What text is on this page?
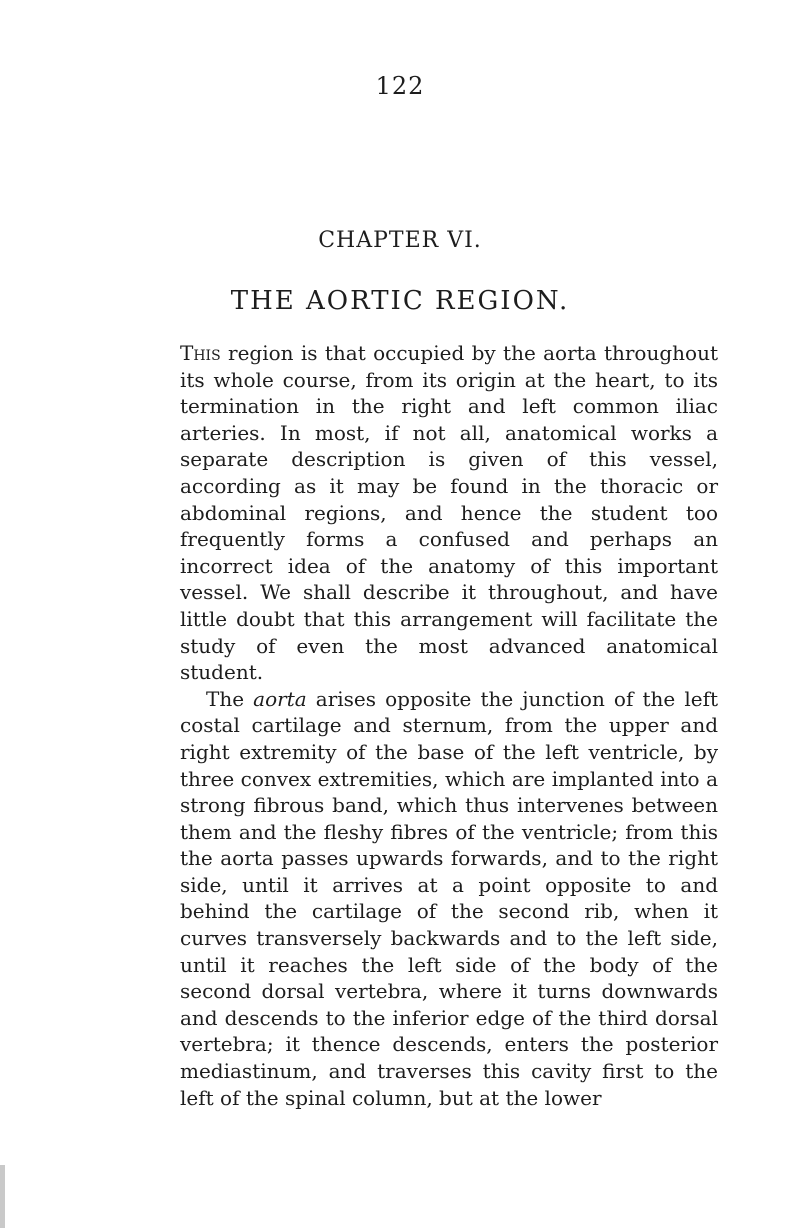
122
CHAPTER VI.
THE AORTIC REGION.

This region is that occupied by the aorta throughout its whole course, from its origin at the heart, to its termination in the right and left common iliac arteries. In most, if not all, anatomical works a separate description is given of this vessel, according as it may be found in the thoracic or abdominal regions, and hence the student too frequently forms a confused and perhaps an incorrect idea of the anatomy of this important vessel. We shall describe it throughout, and have little doubt that this arrangement will facilitate the study of even the most advanced anatomical student.

The aorta arises opposite the junction of the left costal cartilage and sternum, from the upper and right extremity of the base of the left ventricle, by three convex extremities, which are implanted into a strong fibrous band, which thus intervenes between them and the fleshy fibres of the ventricle; from this the aorta passes upwards forwards, and to the right side, until it arrives at a point opposite to and behind the cartilage of the second rib, when it curves transversely backwards and to the left side, until it reaches the left side of the body of the second dorsal vertebra, where it turns downwards and descends to the inferior edge of the third dorsal vertebra; it thence descends, enters the posterior mediastinum, and traverses this cavity first to the left of the spinal column, but at the lower
